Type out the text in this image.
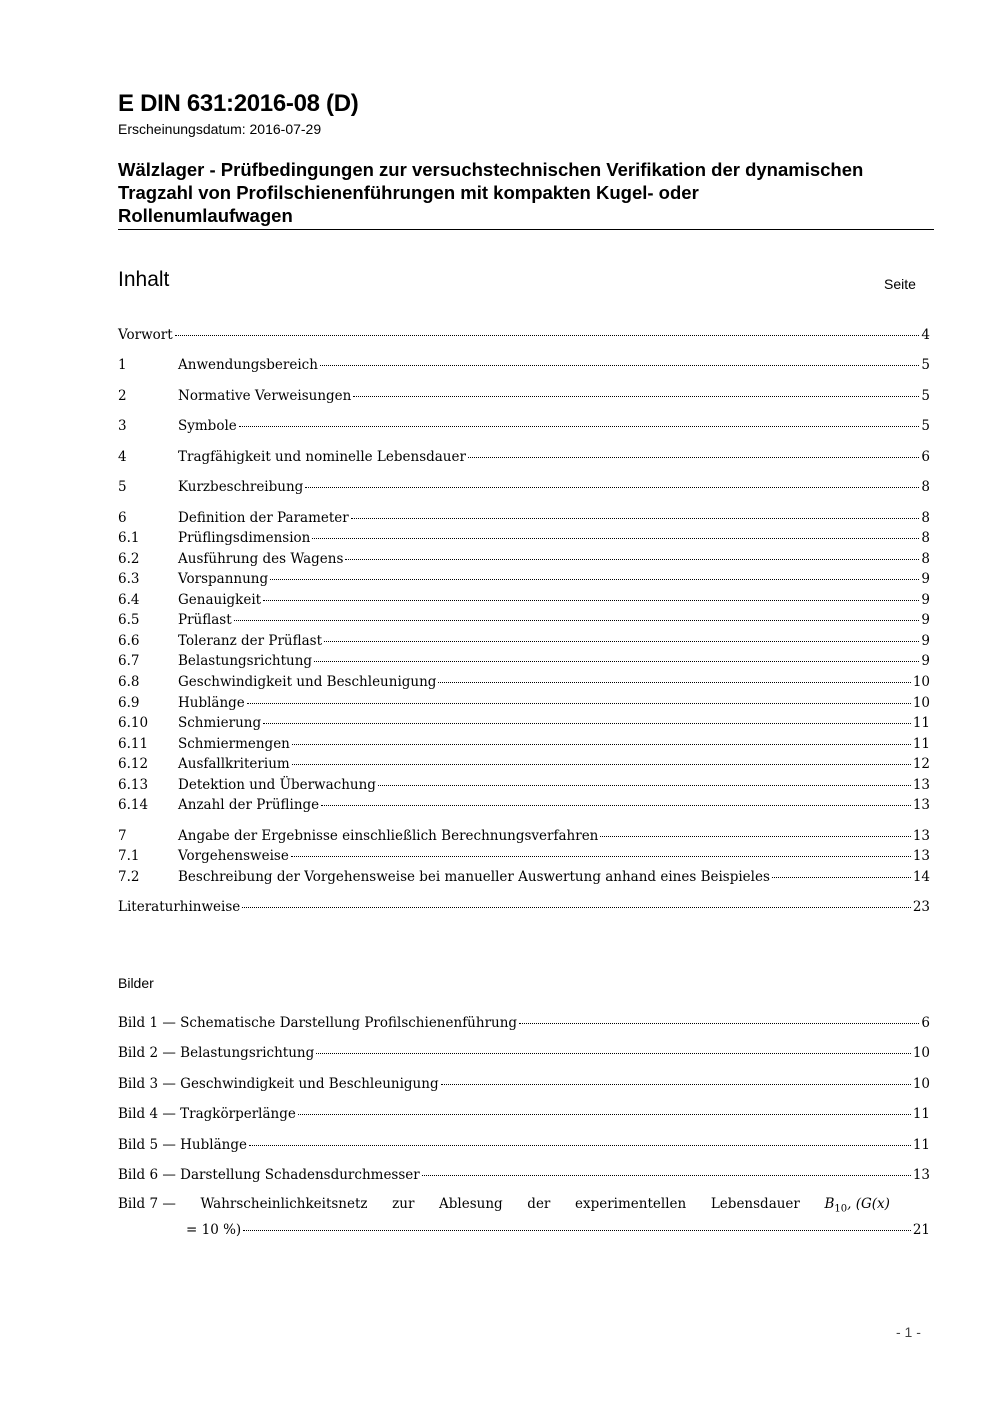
E DIN 631:2016-08 (D)
Erscheinungsdatum: 2016-07-29
Wälzlager - Prüfbedingungen zur versuchstechnischen Verifikation der dynamischen
Tragzahl von Profilschienenführungen mit kompakten Kugel- oder
Rollenumlaufwagen
Inhalt	Seite
Vorwort	4
1	Anwendungsbereich	5
2	Normative Verweisungen	5
3	Symbole	5
4	Tragfähigkeit und nominelle Lebensdauer	6
5	Kurzbeschreibung	8
6	Definition der Parameter	8
6.1	Prüflingsdimension	8
6.2	Ausführung des Wagens	8
6.3	Vorspannung	9
6.4	Genauigkeit	9
6.5	Prüflast	9
6.6	Toleranz der Prüflast	9
6.7	Belastungsrichtung	9
6.8	Geschwindigkeit und Beschleunigung	10
6.9	Hublänge	10
6.10	Schmierung	11
6.11	Schmiermengen	11
6.12	Ausfallkriterium	12
6.13	Detektion und Überwachung	13
6.14	Anzahl der Prüflinge	13
7	Angabe der Ergebnisse einschließlich Berechnungsverfahren	13
7.1	Vorgehensweise	13
7.2	Beschreibung der Vorgehensweise bei manueller Auswertung anhand eines Beispieles	14
Literaturhinweise	23
Bilder
Bild 1 — Schematische Darstellung Profilschienenführung	6
Bild 2 — Belastungsrichtung	10
Bild 3 — Geschwindigkeit und Beschleunigung	10
Bild 4 — Tragkörperlänge	11
Bild 5 — Hublänge	11
Bild 6 — Darstellung Schadensdurchmesser	13
Bild 7 — Wahrscheinlichkeitsnetz zur Ablesung der experimentellen Lebensdauer $B_{10}$, (G(x)
= 10 %)	21
- 1 -
